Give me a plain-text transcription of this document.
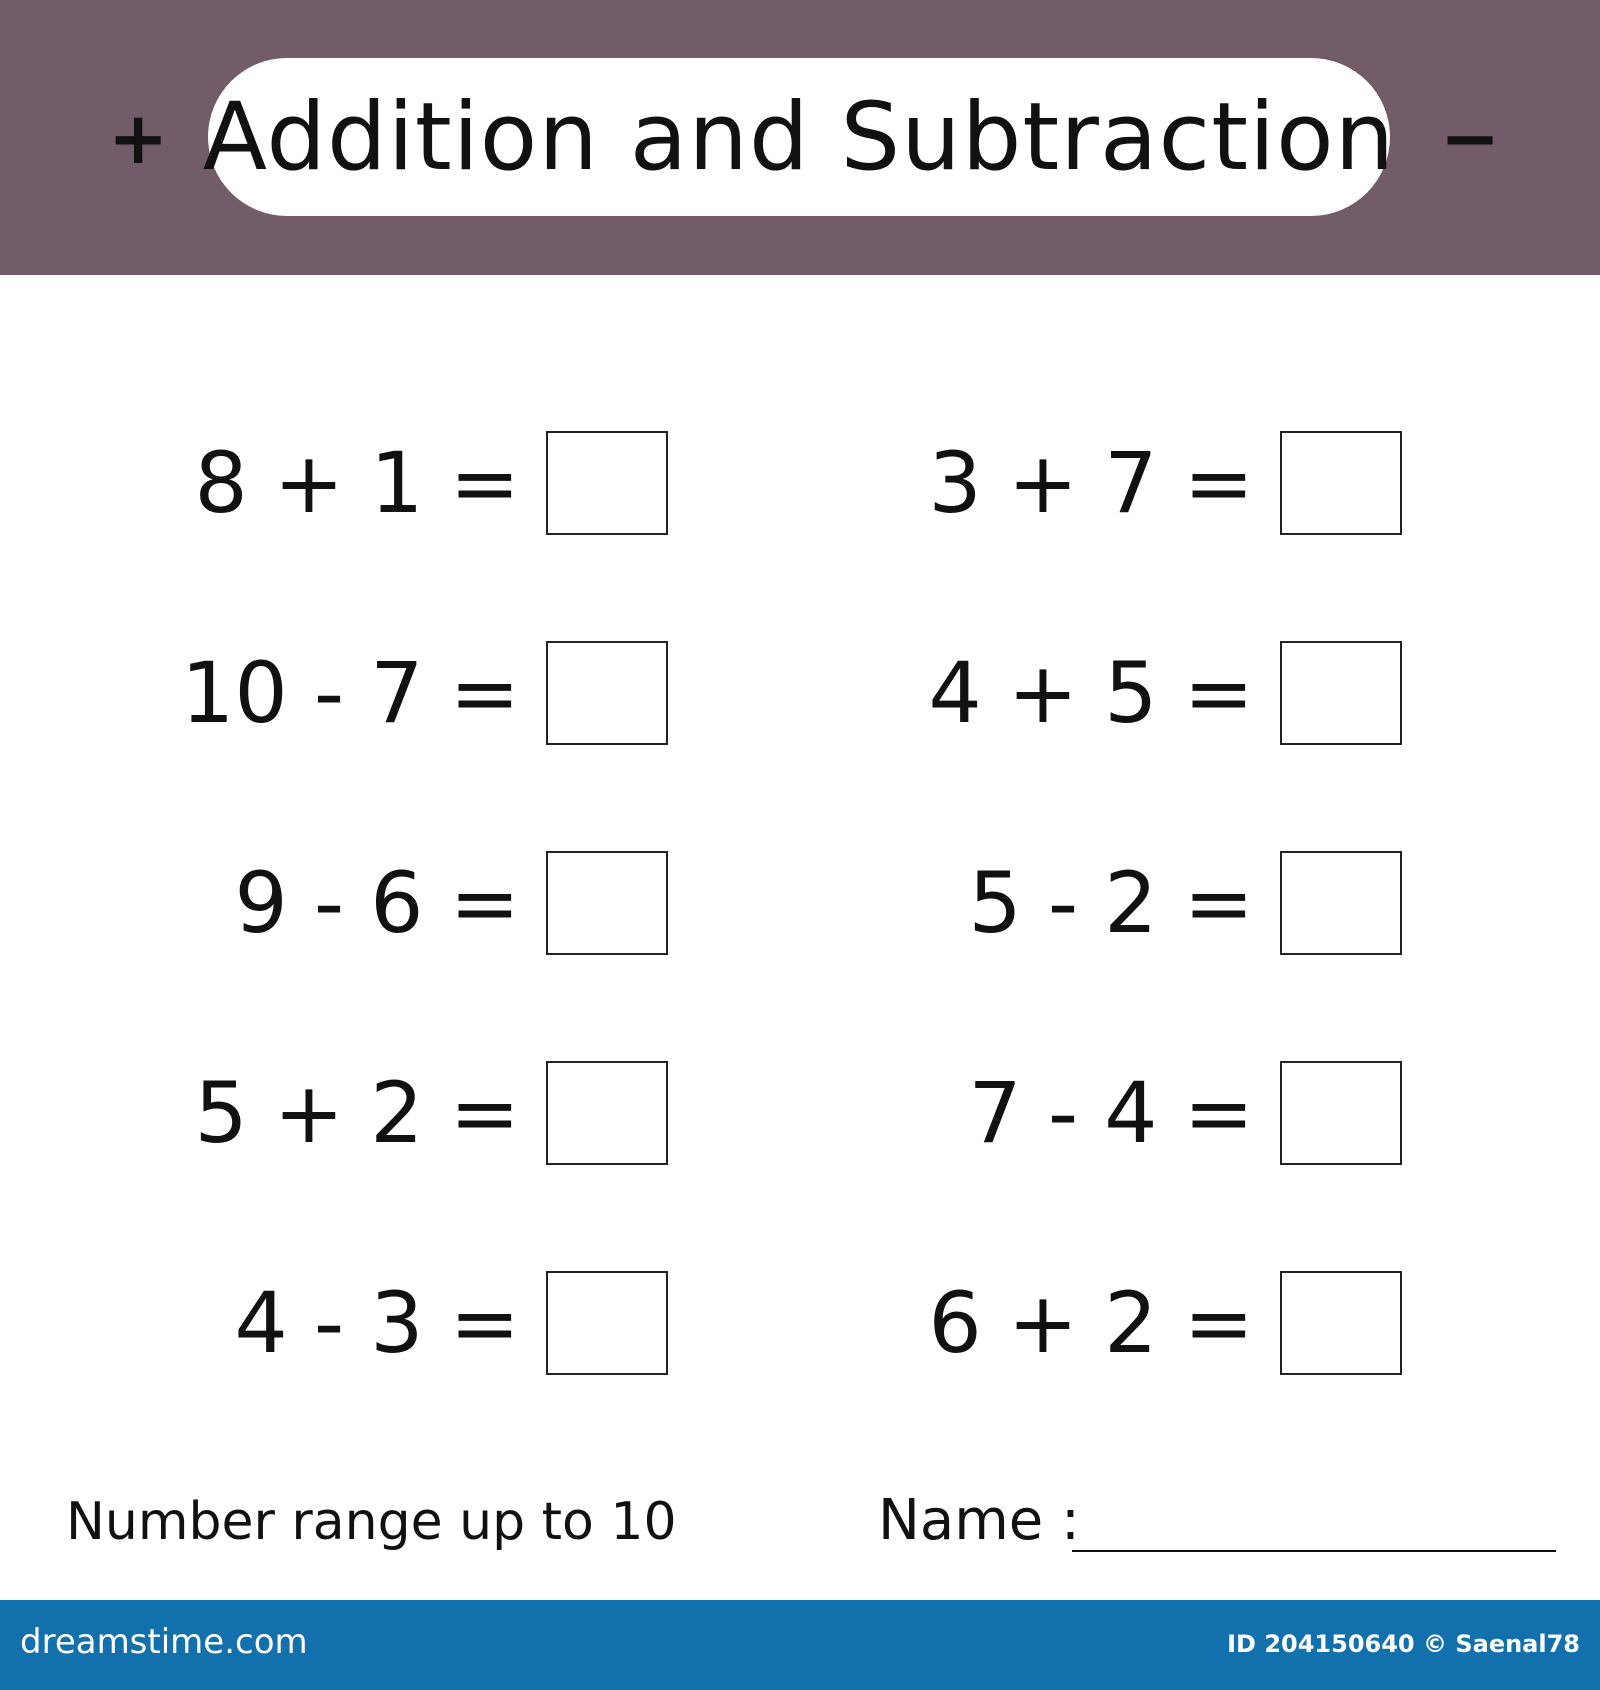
+ Addition and Subtraction −
8 + 1 =
10 - 7 =
9 - 6 =
5 + 2 =
4 - 3 =
3 + 7 =
4 + 5 =
5 - 2 =
7 - 4 =
6 + 2 =
Number range up to 10	Name :
dreamstime.com	ID 204150640 © Saenal78
